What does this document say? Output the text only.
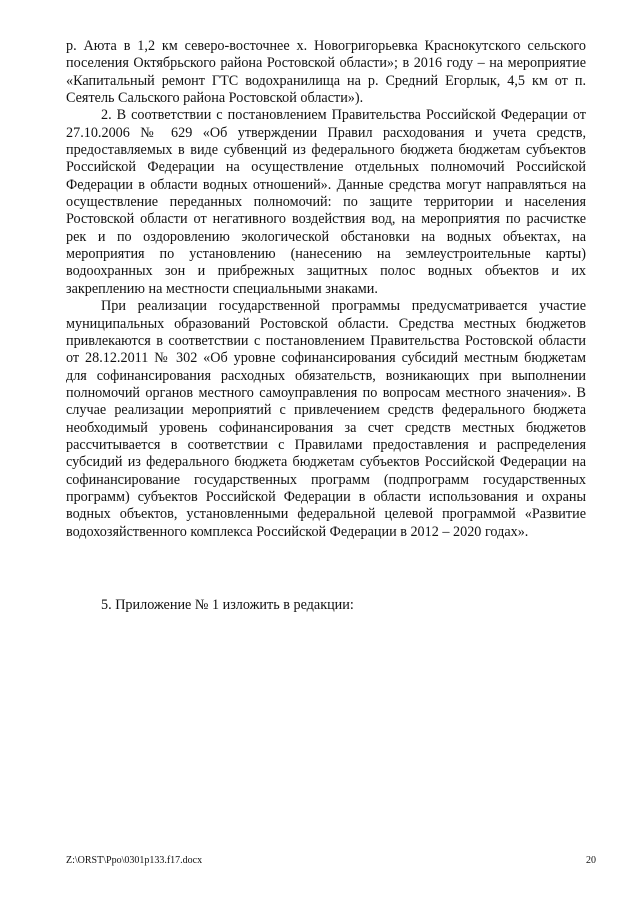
р. Аюта в 1,2 км северо-восточнее х. Новогригорьевка Краснокутского сельского поселения Октябрьского района Ростовской области»; в 2016 году – на мероприятие «Капитальный ремонт ГТС водохранилища на р. Средний Егорлык, 4,5 км от п. Сеятель Сальского района Ростовской области»).

2. В соответствии с постановлением Правительства Российской Федерации от 27.10.2006 № 629 «Об утверждении Правил расходования и учета средств, предоставляемых в виде субвенций из федерального бюджета бюджетам субъектов Российской Федерации на осуществление отдельных полномочий Российской Федерации в области водных отношений». Данные средства могут направляться на осуществление переданных полномочий: по защите территории и населения Ростовской области от негативного воздействия вод, на мероприятия по расчистке рек и по оздоровлению экологической обстановки на водных объектах, на мероприятия по установлению (нанесению на землеустроительные карты) водоохранных зон и прибрежных защитных полос водных объектов и их закреплению на местности специальными знаками.

При реализации государственной программы предусматривается участие муниципальных образований Ростовской области. Средства местных бюджетов привлекаются в соответствии с постановлением Правительства Ростовской области от 28.12.2011 № 302 «Об уровне софинансирования субсидий местным бюджетам для софинансирования расходных обязательств, возникающих при выполнении полномочий органов местного самоуправления по вопросам местного значения». В случае реализации мероприятий с привлечением средств федерального бюджета необходимый уровень софинансирования за счет средств местных бюджетов рассчитывается в соответствии с Правилами предоставления и распределения субсидий из федерального бюджета бюджетам субъектов Российской Федерации на софинансирование государственных программ (подпрограмм государственных программ) субъектов Российской Федерации в области использования и охраны водных объектов, установленными федеральной целевой программой «Развитие водохозяйственного комплекса Российской Федерации в 2012 – 2020 годах».

5. Приложение № 1 изложить в редакции:

Z:\ORST\Ppo\0301p133.f17.docx	20
